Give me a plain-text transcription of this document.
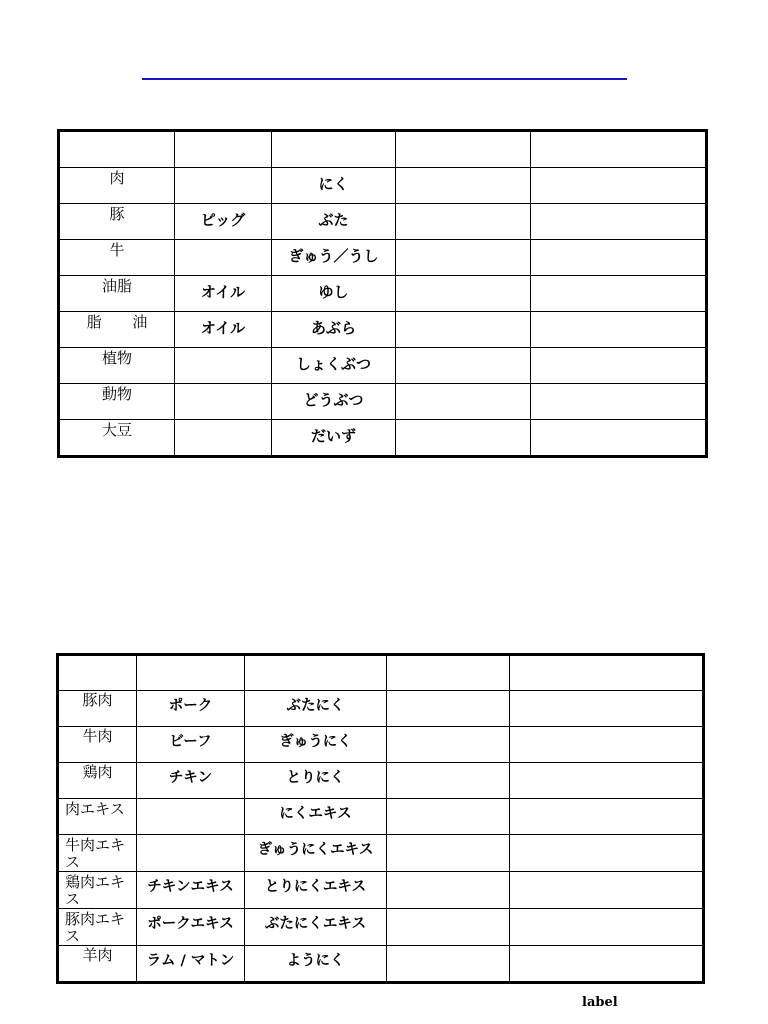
肉		にく		

豚	ピッグ	ぶた		

牛		ぎゅう／うし		

油脂	オイル	ゆし		

脂 油	オイル	あぶら		

植物		しょくぶつ		

動物		どうぶつ		

大豆		だいず		

豚肉	ポーク	ぶたにく		

牛肉	ビーフ	ぎゅうにく		

鶏肉	チキン	とりにく		

肉エキス		にくエキス		

牛肉エキス		ぎゅうにくエキス		

鶏肉エキス	チキンエキス	とりにくエキス		

豚肉エキス	ポークエキス	ぶたにくエキス		

羊肉	ラム / マトン	ようにく		

label
